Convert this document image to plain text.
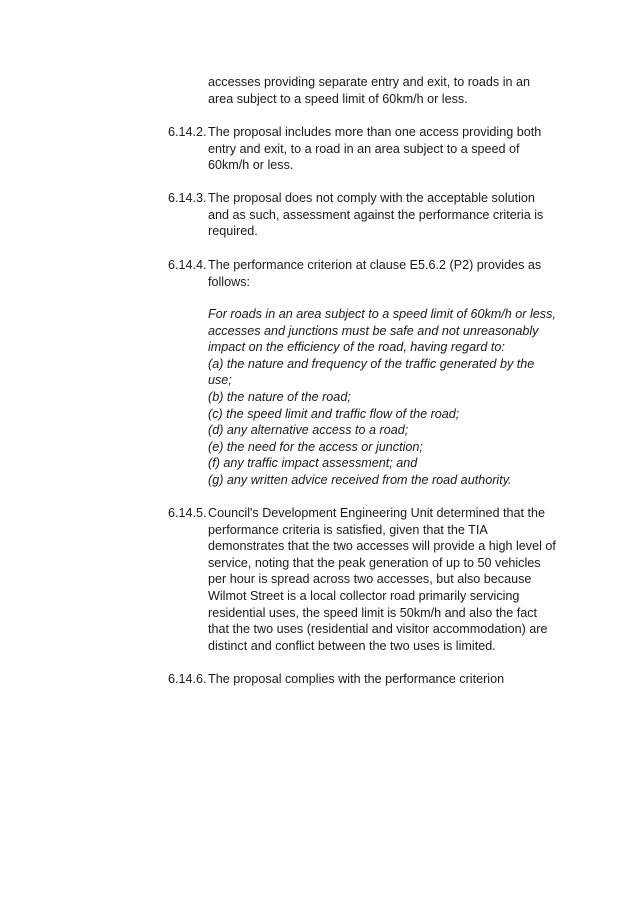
accesses providing separate entry and exit, to roads in an
area subject to a speed limit of 60km/h or less.
6.14.2. The proposal includes more than one access providing both
entry and exit, to a road in an area subject to a speed of
60km/h or less.
6.14.3. The proposal does not comply with the acceptable solution
and as such, assessment against the performance criteria is
required.
6.14.4. The performance criterion at clause E5.6.2 (P2) provides as
follows:
For roads in an area subject to a speed limit of 60km/h or less,
accesses and junctions must be safe and not unreasonably
impact on the efficiency of the road, having regard to:
(a) the nature and frequency of the traffic generated by the
use;
(b) the nature of the road;
(c) the speed limit and traffic flow of the road;
(d) any alternative access to a road;
(e) the need for the access or junction;
(f) any traffic impact assessment; and
(g) any written advice received from the road authority.
6.14.5. Council's Development Engineering Unit determined that the
performance criteria is satisfied, given that the TIA
demonstrates that the two accesses will provide a high level of
service, noting that the peak generation of up to 50 vehicles
per hour is spread across two accesses, but also because
Wilmot Street is a local collector road primarily servicing
residential uses, the speed limit is 50km/h and also the fact
that the two uses (residential and visitor accommodation) are
distinct and conflict between the two uses is limited.
6.14.6. The proposal complies with the performance criterion
